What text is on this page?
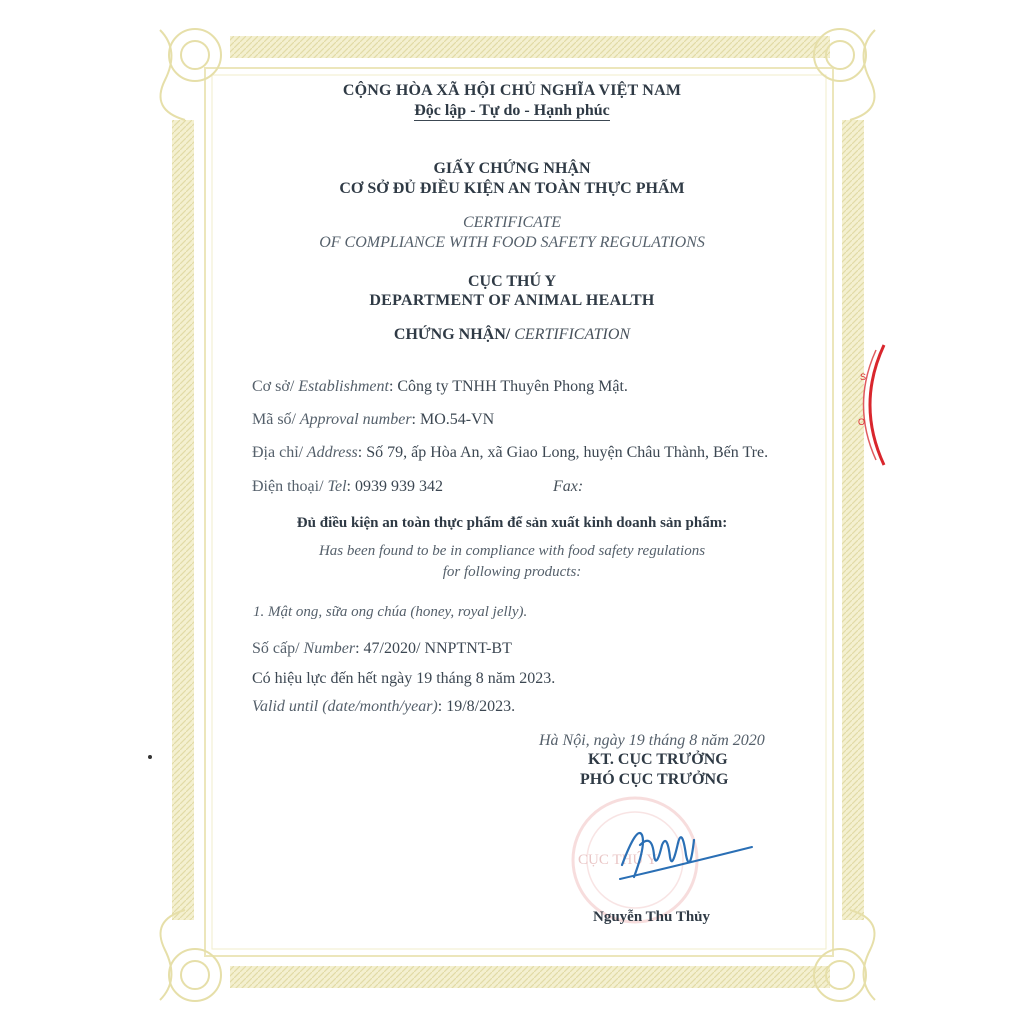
CỘNG HÒA XÃ HỘI CHỦ NGHĨA VIỆT NAM
Độc lập - Tự do - Hạnh phúc
GIẤY CHỨNG NHẬN
CƠ SỞ ĐỦ ĐIỀU KIỆN AN TOÀN THỰC PHẨM
CERTIFICATE
OF COMPLIANCE WITH FOOD SAFETY REGULATIONS
CỤC THÚ Y
DEPARTMENT OF ANIMAL HEALTH
CHỨNG NHẬN/ CERTIFICATION
Cơ sở/ Establishment: Công ty TNHH Thuyên Phong Mật.
Mã số/ Approval number: MO.54-VN
Địa chỉ/ Address: Số 79, ấp Hòa An, xã Giao Long, huyện Châu Thành, Bến Tre.
Điện thoại/ Tel: 0939 939 342	Fax:
Đủ điều kiện an toàn thực phẩm để sản xuất kinh doanh sản phẩm:
Has been found to be in compliance with food safety regulations
for following products:
1. Mật ong, sữa ong chúa (honey, royal jelly).
Số cấp/ Number: 47/2020/ NNPTNT-BT
Có hiệu lực đến hết ngày 19 tháng 8 năm 2023.
Valid until (date/month/year): 19/8/2023.
Hà Nội, ngày 19 tháng 8 năm 2020
KT. CỤC TRƯỞNG
PHÓ CỤC TRƯỞNG
CỤC THÚ Y
Nguyễn Thu Thủy
S
O
